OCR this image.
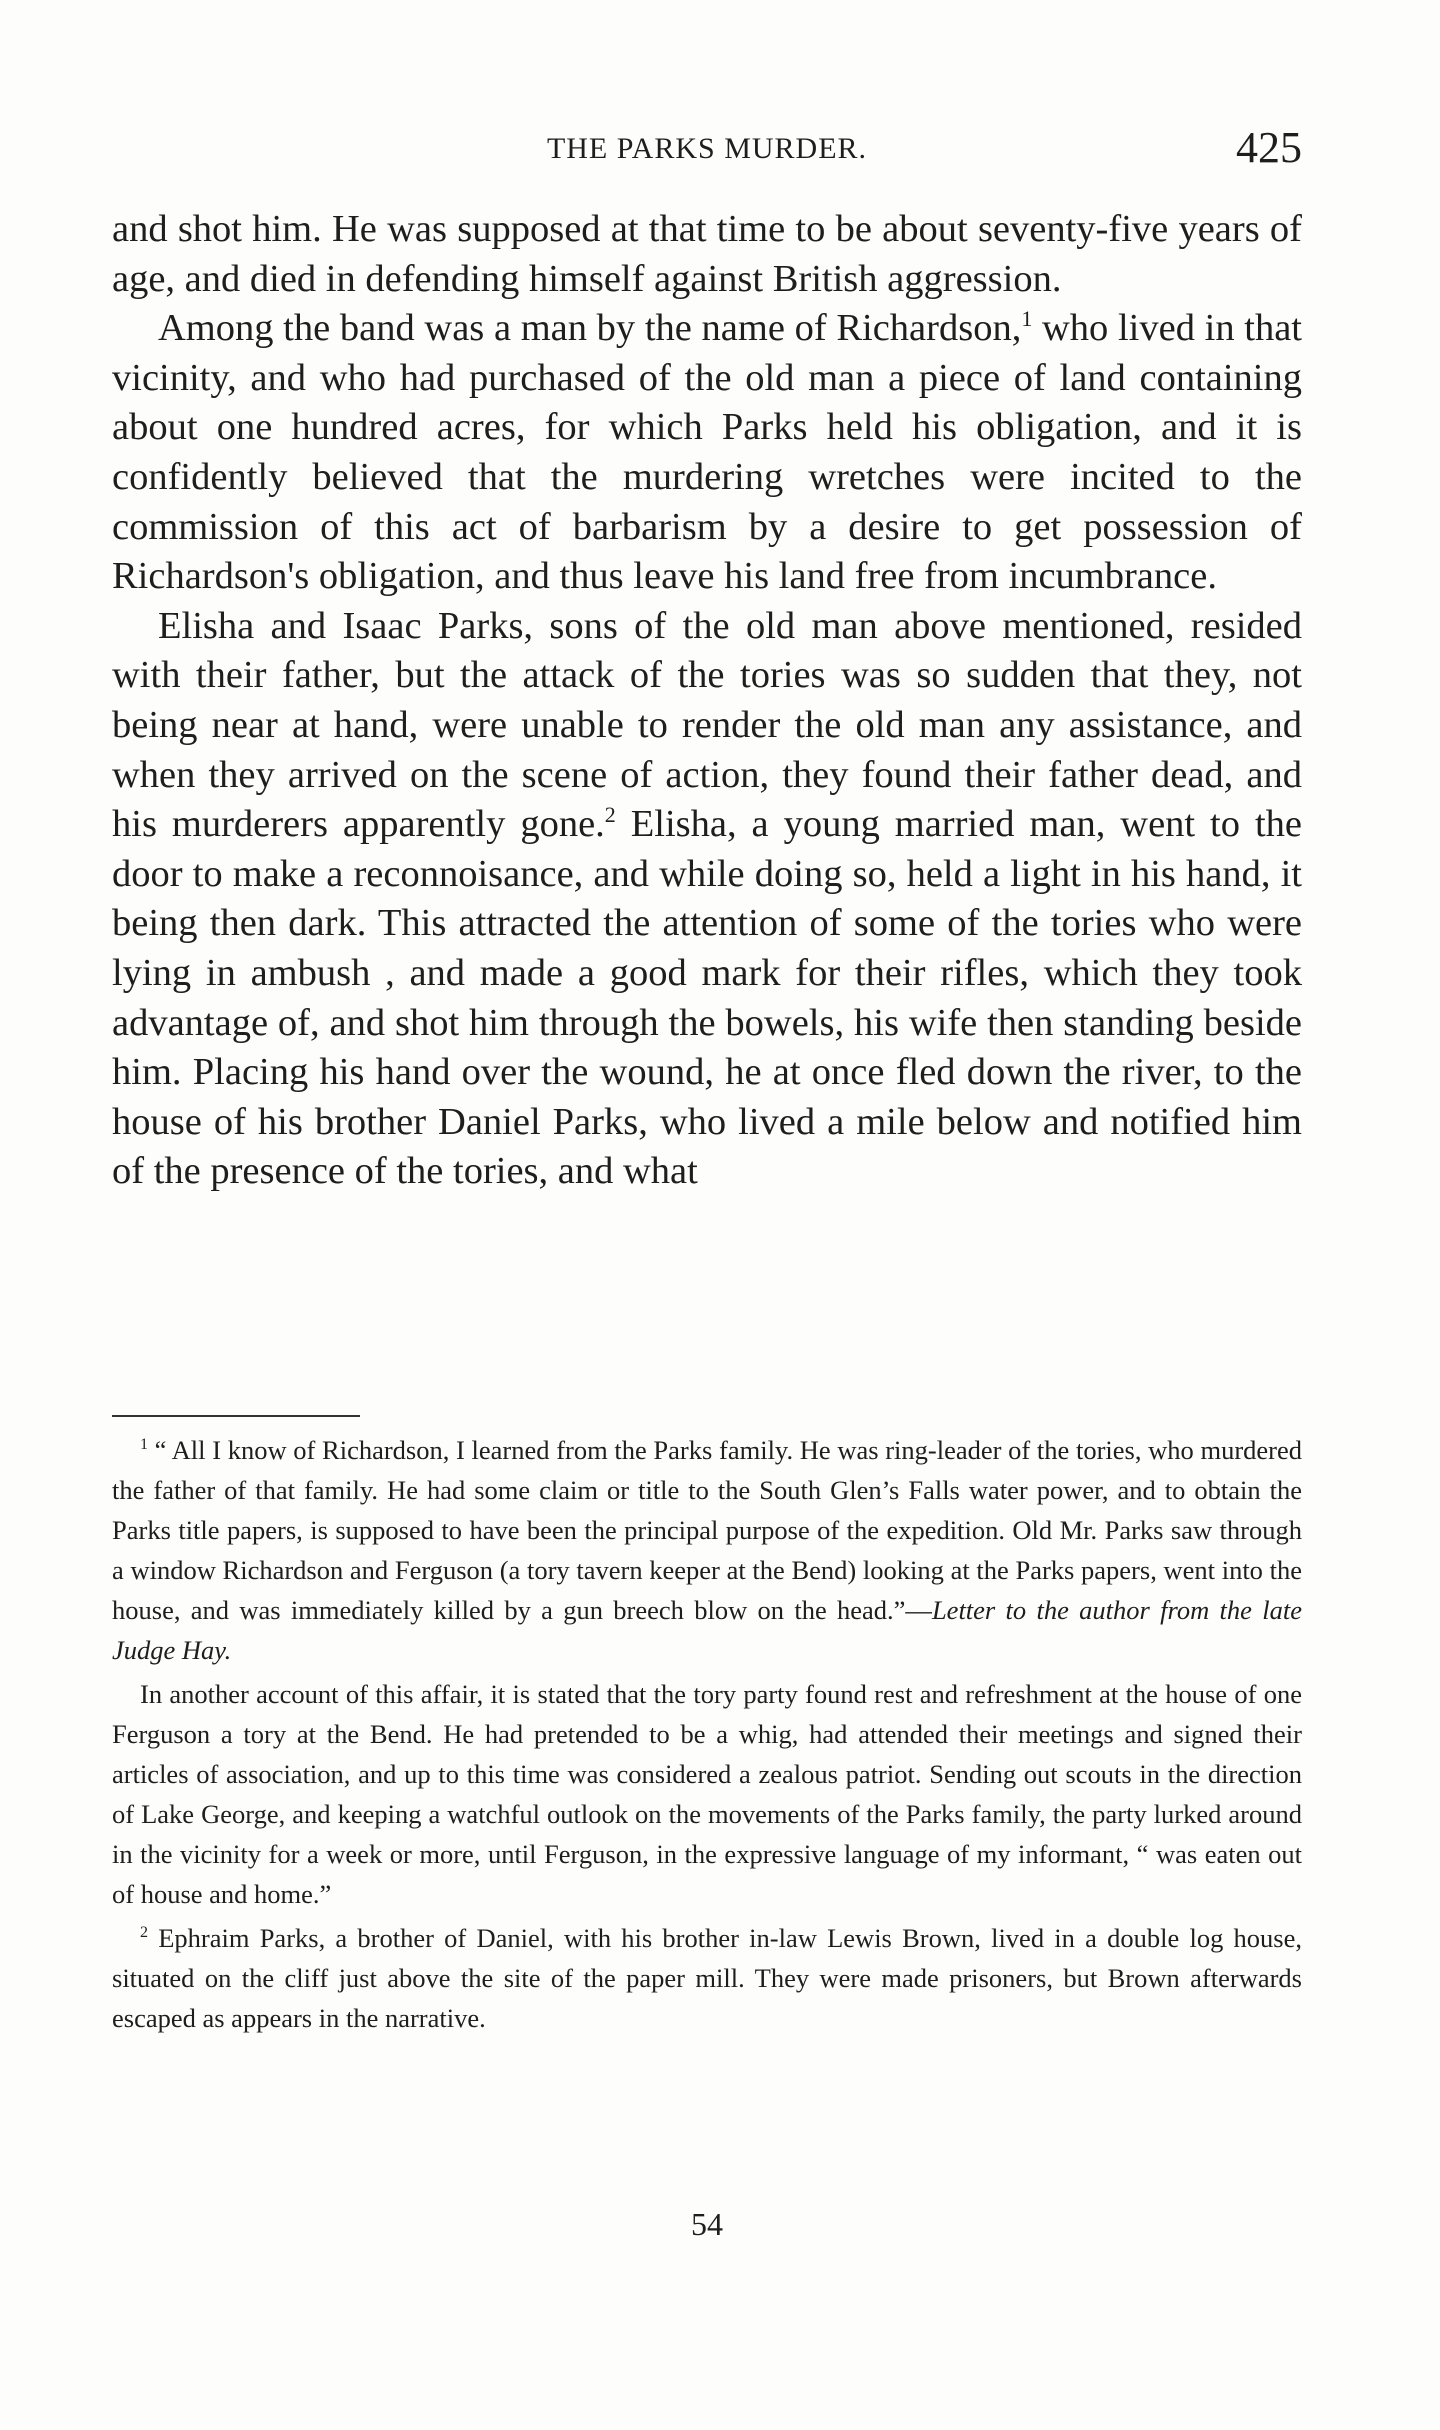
THE PARKS MURDER.	425

and shot him. He was supposed at that time to be about seventy-five years of age, and died in defending himself against British aggression.

Among the band was a man by the name of Richardson,$^1$ who lived in that vicinity, and who had purchased of the old man a piece of land containing about one hundred acres, for which Parks held his obligation, and it is confidently believed that the murdering wretches were incited to the commission of this act of barbarism by a desire to get possession of Richardson's obligation, and thus leave his land free from incumbrance.

Elisha and Isaac Parks, sons of the old man above mentioned, resided with their father, but the attack of the tories was so sudden that they, not being near at hand, were unable to render the old man any assistance, and when they arrived on the scene of action, they found their father dead, and his murderers apparently gone.$^2$ Elisha, a young married man, went to the door to make a reconnoisance, and while doing so, held a light in his hand, it being then dark. This attracted the attention of some of the tories who were lying in ambush , and made a good mark for their rifles, which they took advantage of, and shot him through the bowels, his wife then standing beside him. Placing his hand over the wound, he at once fled down the river, to the house of his brother Daniel Parks, who lived a mile below and notified him of the presence of the tories, and what

$^1$ “ All I know of Richardson, I learned from the Parks family. He was ring-leader of the tories, who murdered the father of that family. He had some claim or title to the South Glen’s Falls water power, and to obtain the Parks title papers, is supposed to have been the principal purpose of the expedition. Old Mr. Parks saw through a window Richardson and Ferguson (a tory tavern keeper at the Bend) looking at the Parks papers, went into the house, and was immediately killed by a gun breech blow on the head.”—Letter to the author from the late Judge Hay.

In another account of this affair, it is stated that the tory party found rest and refreshment at the house of one Ferguson a tory at the Bend. He had pretended to be a whig, had attended their meetings and signed their articles of association, and up to this time was considered a zealous patriot. Sending out scouts in the direction of Lake George, and keeping a watchful outlook on the movements of the Parks family, the party lurked around in the vicinity for a week or more, until Ferguson, in the expressive language of my informant, “ was eaten out of house and home.”

$^2$ Ephraim Parks, a brother of Daniel, with his brother in-law Lewis Brown, lived in a double log house, situated on the cliff just above the site of the paper mill. They were made prisoners, but Brown afterwards escaped as appears in the narrative.

54
